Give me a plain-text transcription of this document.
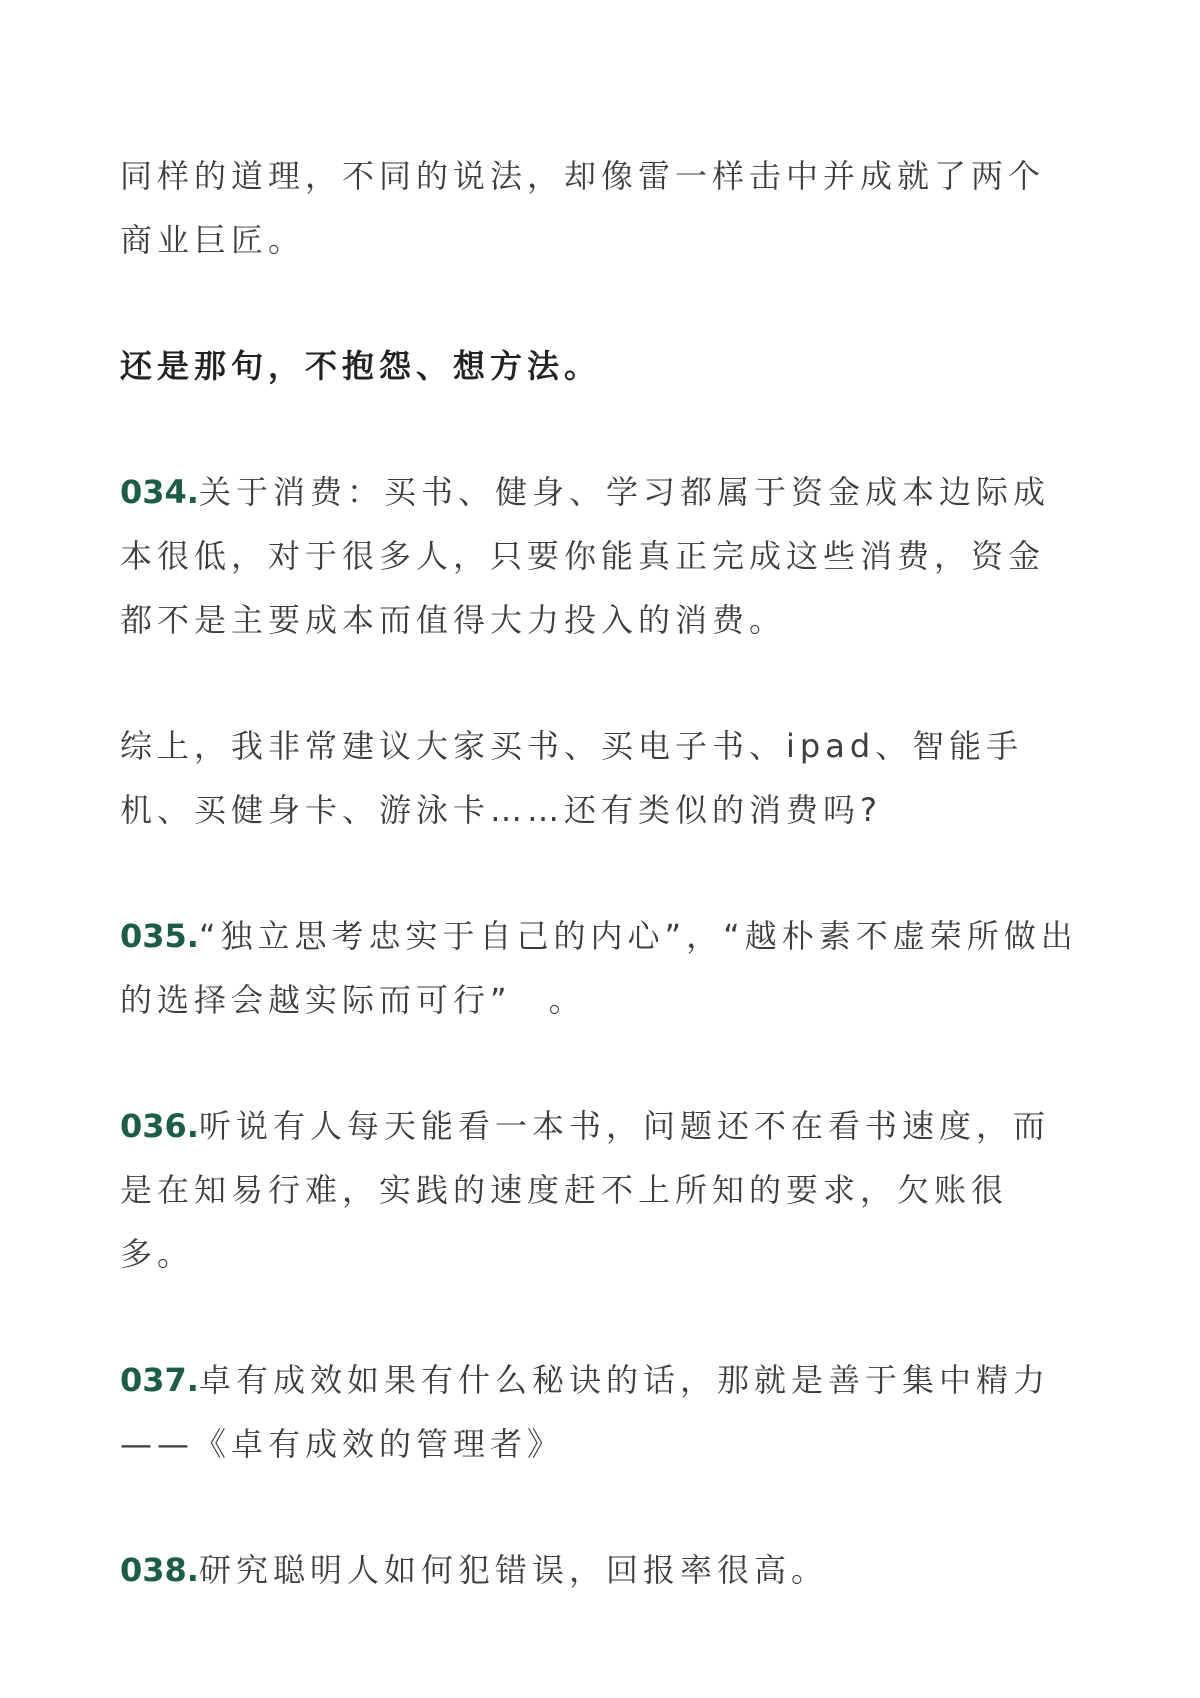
同样的道理，不同的说法，却像雷一样击中并成就了两个商业巨匠。

还是那句，不抱怨、想方法。

034.关于消费：买书、健身、学习都属于资金成本边际成本很低，对于很多人，只要你能真正完成这些消费，资金都不是主要成本而值得大力投入的消费。

综上，我非常建议大家买书、买电子书、ipad、智能手机、买健身卡、游泳卡……还有类似的消费吗?

035.“独立思考忠实于自己的内心”，“越朴素不虚荣所做出的选择会越实际而可行”　。

036.听说有人每天能看一本书，问题还不在看书速度，而是在知易行难，实践的速度赶不上所知的要求，欠账很多。

037.卓有成效如果有什么秘诀的话，那就是善于集中精力——《卓有成效的管理者》

038.研究聪明人如何犯错误，回报率很高。
